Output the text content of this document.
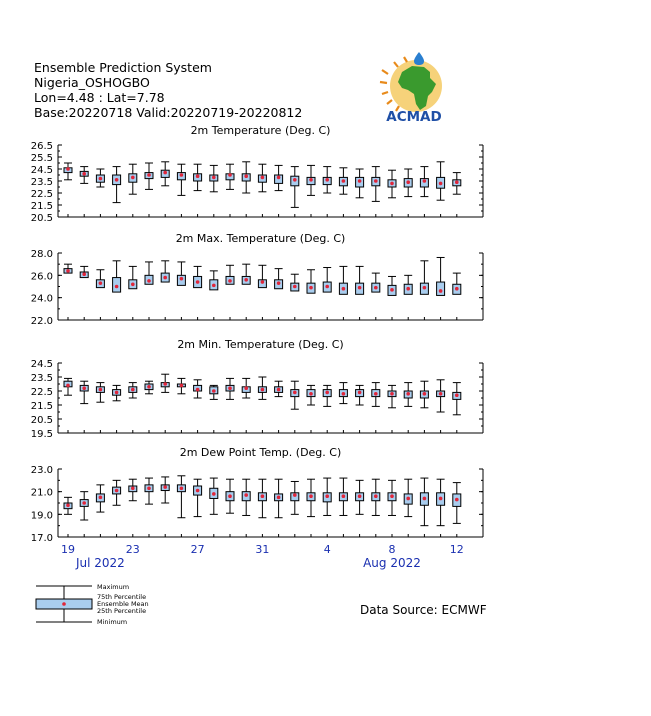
Ensemble Prediction System
Nigeria_OSHOGBO
Lon=4.48 : Lat=7.78
Base:20220718 Valid:20220719-20220812	ACMAD
2m Temperature (Deg. C)
26.5
25.5
24.5
23.5
22.5
21.5
20.5
2m Max. Temperature (Deg. C)
28.0
26.0
24.0
22.0
2m Min. Temperature (Deg. C)
24.5
23.5
22.5
21.5
20.5
19.5
2m Dew Point Temp. (Deg. C)
23.0
21.0
19.0
17.0
19	23	27	31	4	8	12
Jul 2022	Aug 2022
Maximum
75th Percentile
Ensemble Mean
25th Percentile
Minimum
Data Source: ECMWF
